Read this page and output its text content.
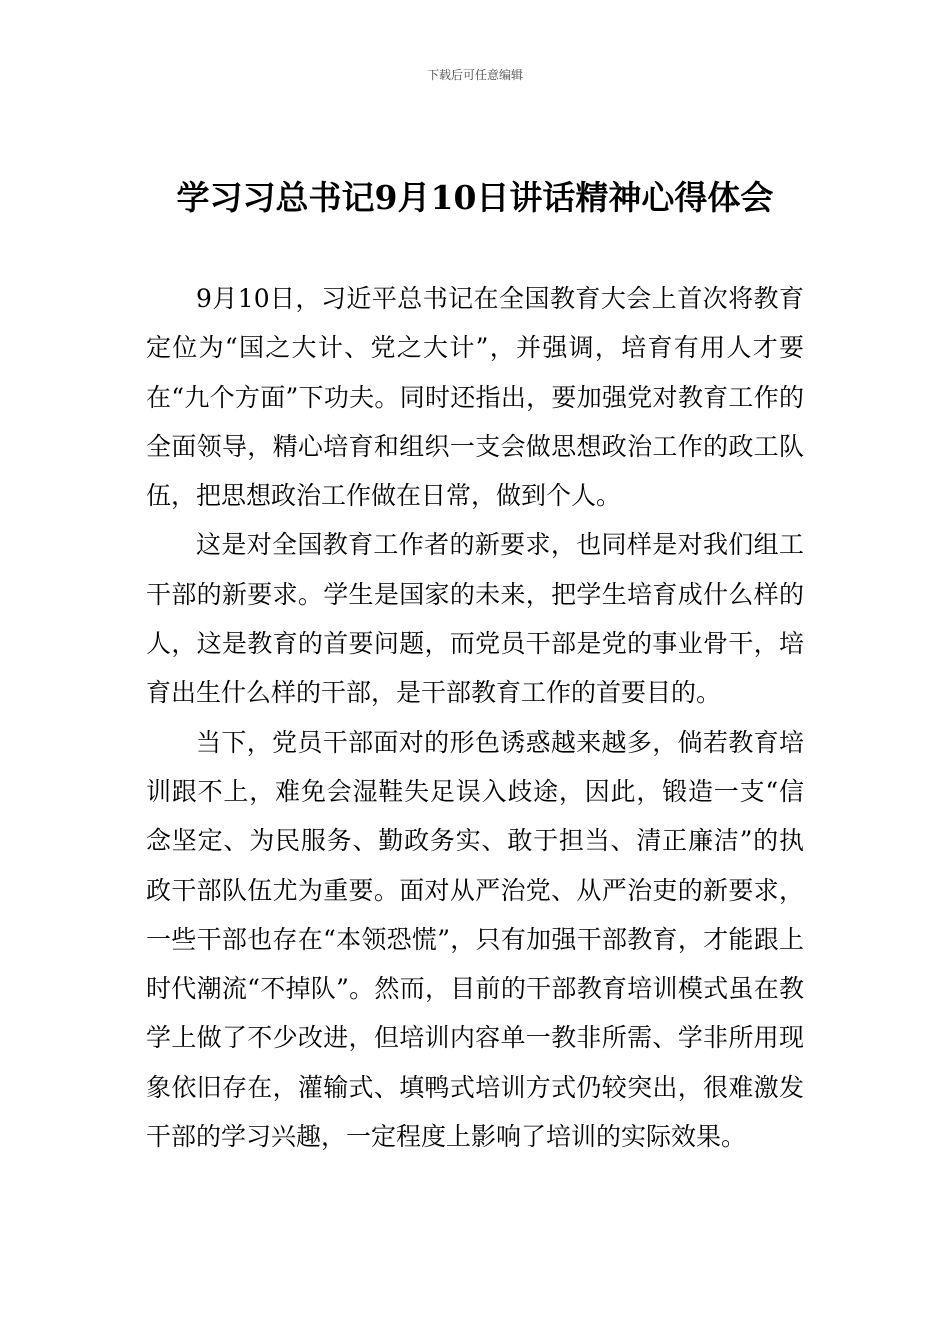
下载后可任意编辑
学习习总书记9月10日讲话精神心得体会

9月10日，习近平总书记在全国教育大会上首次将教育定位为“国之大计、党之大计”，并强调，培育有用人才要在“九个方面”下功夫。同时还指出，要加强党对教育工作的全面领导，精心培育和组织一支会做思想政治工作的政工队伍，把思想政治工作做在日常，做到个人。

这是对全国教育工作者的新要求，也同样是对我们组工干部的新要求。学生是国家的未来，把学生培育成什么样的人，这是教育的首要问题，而党员干部是党的事业骨干，培育出生什么样的干部，是干部教育工作的首要目的。

当下，党员干部面对的形色诱惑越来越多，倘若教育培训跟不上，难免会湿鞋失足误入歧途，因此，锻造一支“信念坚定、为民服务、勤政务实、敢于担当、清正廉洁”的执政干部队伍尤为重要。面对从严治党、从严治吏的新要求，一些干部也存在“本领恐慌”，只有加强干部教育，才能跟上时代潮流“不掉队”。然而，目前的干部教育培训模式虽在教学上做了不少改进，但培训内容单一教非所需、学非所用现象依旧存在，灌输式、填鸭式培训方式仍较突出，很难激发干部的学习兴趣，一定程度上影响了培训的实际效果。
